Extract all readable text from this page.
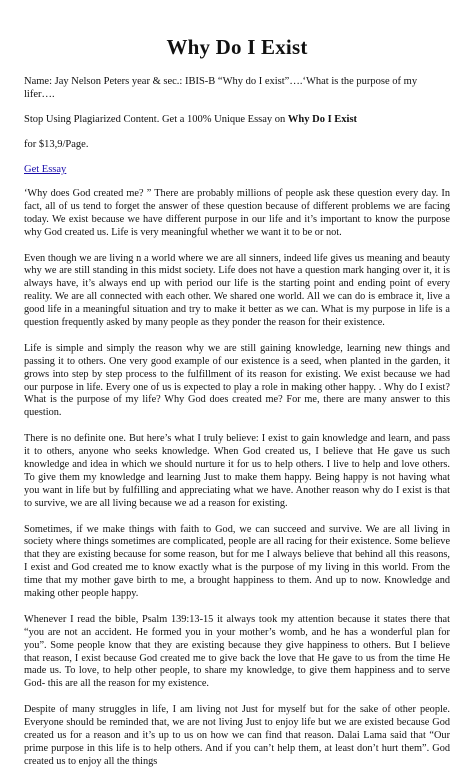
Why Do I Exist

Name: Jay Nelson Peters year & sec.: IBIS-B “Why do I exist”….‘What is the purpose of my lifer….

Stop Using Plagiarized Content. Get a 100% Unique Essay on Why Do I Exist

for $13,9/Page.

Get Essay

‘Why does God created me? ” There are probably millions of people ask these question every day. In fact, all of us tend to forget the answer of these question because of different problems we are facing today. We exist because we have different purpose in our life and it’s important to know the purpose why God created us. Life is very meaningful whether we want it to be or not.

Even though we are living n a world where we are all sinners, indeed life gives us meaning and beauty why we are still standing in this midst society. Life does not have a question mark hanging over it, it is always have, it’s always end up with period our life is the starting point and ending point of every reality. We are all connected with each other. We shared one world. All we can do is embrace it, live a good life in a meaningful situation and try to make it better as we can. What is my purpose in life is a question frequently asked by many people as they ponder the reason for their existence.

Life is simple and simply the reason why we are still gaining knowledge, learning new things and passing it to others. One very good example of our existence is a seed, when planted in the garden, it grows into step by step process to the fulfillment of its reason for existing. We exist because we had our purpose in life. Every one of us is expected to play a role in making other happy. . Why do I exist? What is the purpose of my life? Why God does created me? For me, there are many answer to this question.

There is no definite one. But here’s what I truly believe: I exist to gain knowledge and learn, and pass it to others, anyone who seeks knowledge. When God created us, I believe that He gave us such knowledge and idea in which we should nurture it for us to help others. I live to help and love others. To give them my knowledge and learning Just to make them happy. Being happy is not having what you want in life but by fulfilling and appreciating what we have. Another reason why do I exist is that to survive, we are all living because we ad a reason for existing.

Sometimes, if we make things with faith to God, we can succeed and survive. We are all living in society where things sometimes are complicated, people are all racing for their existence. Some believe that they are existing because for some reason, but for me I always believe that behind all this reasons, I exist and God created me to know exactly what is the purpose of my living in this world. From the time that my mother gave birth to me, a brought happiness to them. And up to now. Knowledge and making other people happy.

Whenever I read the bible, Psalm 139:13-15 it always took my attention because it states there that “you are not an accident. He formed you in your mother’s womb, and he has a wonderful plan for you”. Some people know that they are existing because they give happiness to others. But I believe that reason, I exist because God created me to give back the love that He gave to us from the time He made us. To love, to help other people, to share my knowledge, to give them happiness and to serve God- this are all the reason for my existence.

Despite of many struggles in life, I am living not Just for myself but for the sake of other people. Everyone should be reminded that, we are not living Just to enjoy life but we are existed because God created us for a reason and it’s up to us on how we can find that reason. Dalai Lama said that “Our prime purpose in this life is to help others. And if you can’t help them, at least don’t hurt them”. God created us to enjoy all the things
